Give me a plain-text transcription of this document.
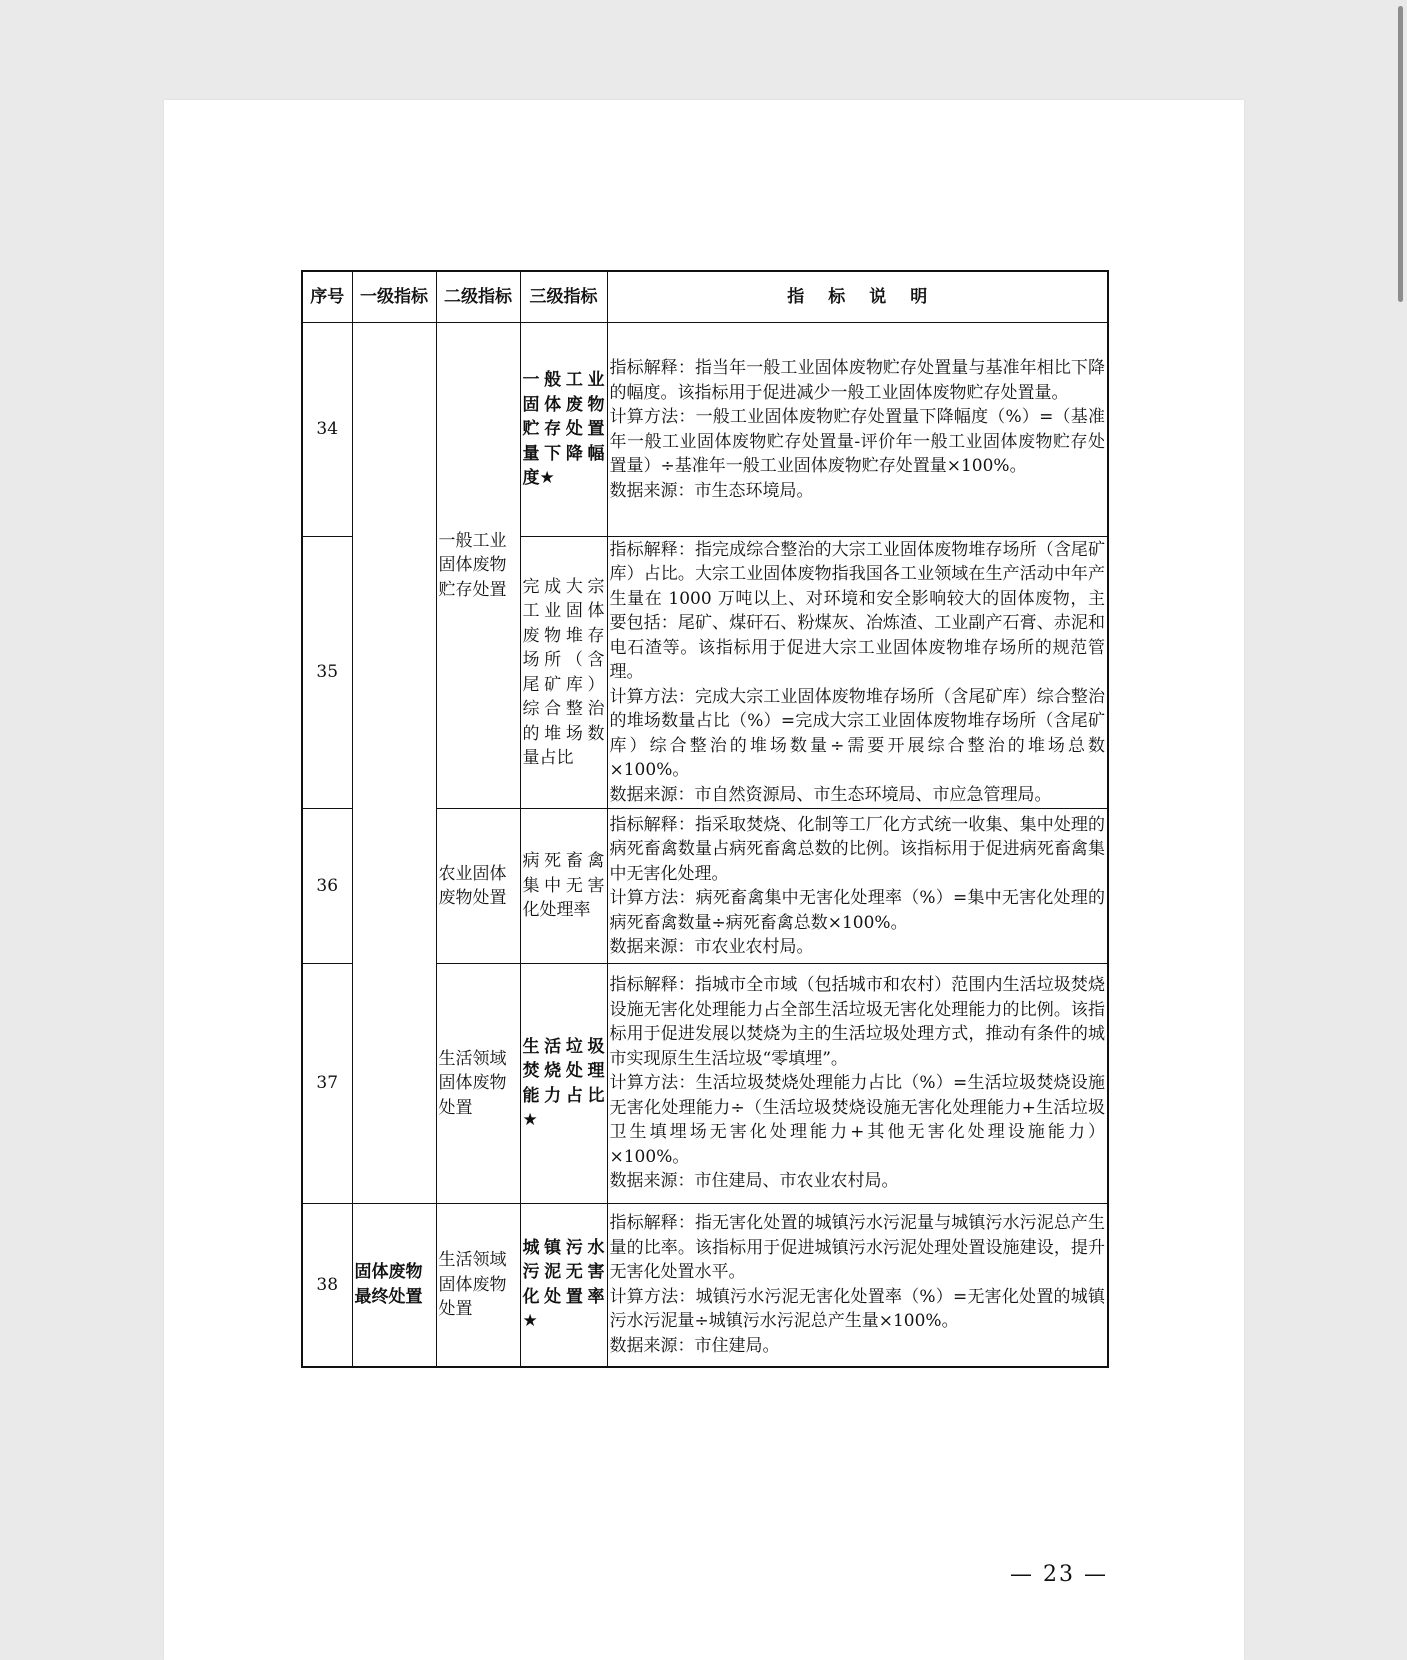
序号	一级指标	二级指标	三级指标	指标说明
34		一般工业固体废物贮存处置	一般工业固体废物贮存处置量下降幅度★	指标解释：指当年一般工业固体废物贮存处置量与基准年相比下降的幅度。该指标用于促进减少一般工业固体废物贮存处置量。
计算方法：一般工业固体废物贮存处置量下降幅度（%）=（基准年一般工业固体废物贮存处置量-评价年一般工业固体废物贮存处置量）÷基准年一般工业固体废物贮存处置量×100%。
数据来源：市生态环境局。

35			完成大宗工业固体废物堆存场所（含尾矿库）综合整治的堆场数量占比	指标解释：指完成综合整治的大宗工业固体废物堆存场所（含尾矿库）占比。大宗工业固体废物指我国各工业领域在生产活动中年产生量在 1000 万吨以上、对环境和安全影响较大的固体废物，主要包括：尾矿、煤矸石、粉煤灰、冶炼渣、工业副产石膏、赤泥和电石渣等。该指标用于促进大宗工业固体废物堆存场所的规范管理。
计算方法：完成大宗工业固体废物堆存场所（含尾矿库）综合整治的堆场数量占比（%）=完成大宗工业固体废物堆存场所（含尾矿库）综合整治的堆场数量÷需要开展综合整治的堆场总数×100%。
数据来源：市自然资源局、市生态环境局、市应急管理局。

36		农业固体废物处置	病死畜禽集中无害化处理率	指标解释：指采取焚烧、化制等工厂化方式统一收集、集中处理的病死畜禽数量占病死畜禽总数的比例。该指标用于促进病死畜禽集中无害化处理。
计算方法：病死畜禽集中无害化处理率（%）=集中无害化处理的病死畜禽数量÷病死畜禽总数×100%。
数据来源：市农业农村局。

37		生活领域固体废物处置	生活垃圾焚烧处理能力占比★	指标解释：指城市全市域（包括城市和农村）范围内生活垃圾焚烧设施无害化处理能力占全部生活垃圾无害化处理能力的比例。该指标用于促进发展以焚烧为主的生活垃圾处理方式，推动有条件的城市实现原生生活垃圾“零填埋”。
计算方法：生活垃圾焚烧处理能力占比（%）=生活垃圾焚烧设施无害化处理能力÷（生活垃圾焚烧设施无害化处理能力+生活垃圾卫生填埋场无害化处理能力+其他无害化处理设施能力）×100%。
数据来源：市住建局、市农业农村局。

38	固体废物最终处置	生活领域固体废物处置	城镇污水污泥无害化处置率★	指标解释：指无害化处置的城镇污水污泥量与城镇污水污泥总产生量的比率。该指标用于促进城镇污水污泥处理处置设施建设，提升无害化处置水平。
计算方法：城镇污水污泥无害化处置率（%）=无害化处置的城镇污水污泥量÷城镇污水污泥总产生量×100%。
数据来源：市住建局。
— 23 —
